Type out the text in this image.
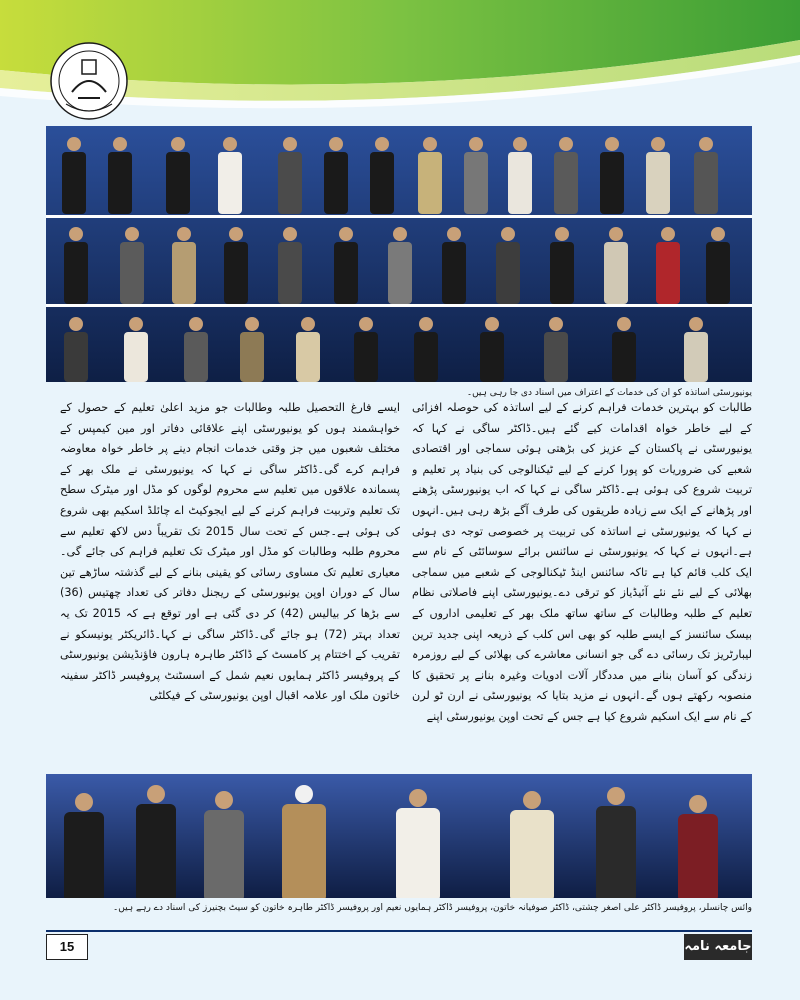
یونیورسٹی اساتذہ کو ان کی خدمات کے اعتراف میں اسناد دی جا رہی ہیں۔
طالبات کو بہترین خدمات فراہم کرنے کے لیے اساتذہ کی حوصلہ افزائی کے لیے خاطر خواہ اقدامات کیے گئے ہیں۔ڈاکٹر ساگی نے کہا کہ یونیورسٹی نے پاکستان کے عزیز کی بڑھتی ہوئی سماجی اور اقتصادی شعبے کی ضروریات کو پورا کرنے کے لیے ٹیکنالوجی کی بنیاد پر تعلیم و تربیت شروع کی ہوئی ہے۔ڈاکٹر ساگی نے کہا کہ اب یونیورسٹی پڑھنے اور پڑھانے کے ایک سے زیادہ طریقوں کی طرف آگے بڑھ رہی ہیں۔انہوں نے کہا کہ یونیورسٹی نے اساتذہ کی تربیت پر خصوصی توجہ دی ہوئی ہے۔انہوں نے کہا کہ یونیورسٹی نے سائنس برائے سوسائٹی کے نام سے ایک کلب قائم کیا ہے تاکہ سائنس اینڈ ٹیکنالوجی کے شعبے میں سماجی بھلائی کے لیے نئے نئے آئیڈیاز کو ترقی دے۔یونیورسٹی اپنے فاصلاتی نظام تعلیم کے طلبہ وطالبات کے ساتھ ساتھ ملک بھر کے تعلیمی اداروں کے بیسک سائنسز کے ایسے طلبہ کو بھی اس کلب کے ذریعہ اپنی جدید ترین لیبارٹریز تک رسائی دے گی جو انسانی معاشرے کی بھلائی کے لیے روزمرہ زندگی کو آسان بنانے میں مددگار آلات ادویات وغیرہ بنانے پر تحقیق کا منصوبہ رکھتے ہوں گے۔انہوں نے مزید بتایا کہ یونیورسٹی نے ارن ٹو لرن کے نام سے ایک اسکیم شروع کیا ہے جس کے تحت اوپن یونیورسٹی اپنے
ایسے فارغ التحصیل طلبہ وطالبات جو مزید اعلیٰ تعلیم کے حصول کے خواہشمند ہوں کو یونیورسٹی اپنے علاقائی دفاتر اور مین کیمپس کے مختلف شعبوں میں جز وقتی خدمات انجام دینے پر خاطر خواہ معاوضہ فراہم کرے گی۔ڈاکٹر ساگی نے کہا کہ یونیورسٹی نے ملک بھر کے پسماندہ علاقوں میں تعلیم سے محروم لوگوں کو مڈل اور میٹرک سطح تک تعلیم وتربیت فراہم کرنے کے لیے ایجوکیٹ اے چائلڈ اسکیم بھی شروع کی ہوئی ہے۔جس کے تحت سال 2015 تک تقریباً دس لاکھ تعلیم سے محروم طلبہ وطالبات کو مڈل اور میٹرک تک تعلیم فراہم کی جائے گی۔معیاری تعلیم تک مساوی رسائی کو یقینی بنانے کے لیے گذشتہ ساڑھے تین سال کے دوران اوپن یونیورسٹی کے ریجنل دفاتر کی تعداد چھتیس (36) سے بڑھا کر بیالیس (42) کر دی گئی ہے اور توقع ہے کہ 2015 تک یہ تعداد بہتر (72) ہو جائے گی۔ڈاکٹر ساگی نے کہا۔ڈائریکٹر یونیسکو نے تقریب کے اختتام پر کامسٹ کے ڈاکٹر طاہرہ ہارون فاؤنڈیشن یونیورسٹی کے پروفیسر ڈاکٹر ہمایوں نعیم شمل کے اسسٹنٹ پروفیسر ڈاکٹر سفینہ خاتون ملک اور علامہ اقبال اوپن یونیورسٹی کے فیکلٹی
وائس چانسلر، پروفیسر ڈاکٹر علی اصغر چشتی، ڈاکٹر صوفیانہ خاتون، پروفیسر ڈاکٹر ہمایوں نعیم اور پروفیسر ڈاکٹر طاہرہ خاتون کو سیٹ بچنیرز کی اسناد دے رہے ہیں۔
15	جامعہ نامہ
